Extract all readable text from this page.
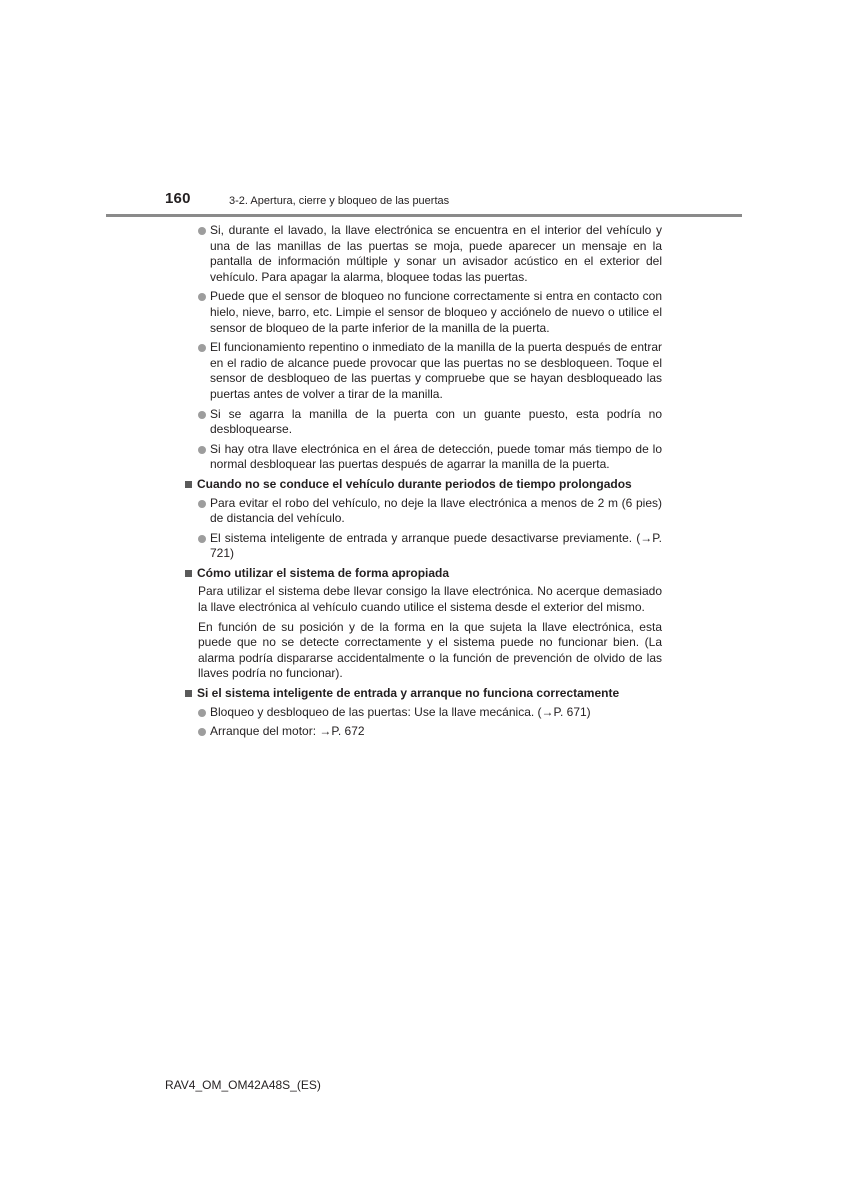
160	3-2. Apertura, cierre y bloqueo de las puertas
Si, durante el lavado, la llave electrónica se encuentra en el interior del vehículo y una de las manillas de las puertas se moja, puede aparecer un mensaje en la pantalla de información múltiple y sonar un avisador acústico en el exterior del vehículo. Para apagar la alarma, bloquee todas las puertas.
Puede que el sensor de bloqueo no funcione correctamente si entra en contacto con hielo, nieve, barro, etc. Limpie el sensor de bloqueo y acciónelo de nuevo o utilice el sensor de bloqueo de la parte inferior de la manilla de la puerta.
El funcionamiento repentino o inmediato de la manilla de la puerta después de entrar en el radio de alcance puede provocar que las puertas no se desbloqueen. Toque el sensor de desbloqueo de las puertas y compruebe que se hayan desbloqueado las puertas antes de volver a tirar de la manilla.
Si se agarra la manilla de la puerta con un guante puesto, esta podría no desbloquearse.
Si hay otra llave electrónica en el área de detección, puede tomar más tiempo de lo normal desbloquear las puertas después de agarrar la manilla de la puerta.
Cuando no se conduce el vehículo durante periodos de tiempo prolongados
Para evitar el robo del vehículo, no deje la llave electrónica a menos de 2 m (6 pies) de distancia del vehículo.
El sistema inteligente de entrada y arranque puede desactivarse previamente. (→P. 721)
Cómo utilizar el sistema de forma apropiada

Para utilizar el sistema debe llevar consigo la llave electrónica. No acerque demasiado la llave electrónica al vehículo cuando utilice el sistema desde el exterior del mismo.

En función de su posición y de la forma en la que sujeta la llave electrónica, esta puede que no se detecte correctamente y el sistema puede no funcionar bien. (La alarma podría dispararse accidentalmente o la función de prevención de olvido de las llaves podría no funcionar).

Si el sistema inteligente de entrada y arranque no funciona correctamente
Bloqueo y desbloqueo de las puertas: Use la llave mecánica. (→P. 671)
Arranque del motor: →P. 672
RAV4_OM_OM42A48S_(ES)
